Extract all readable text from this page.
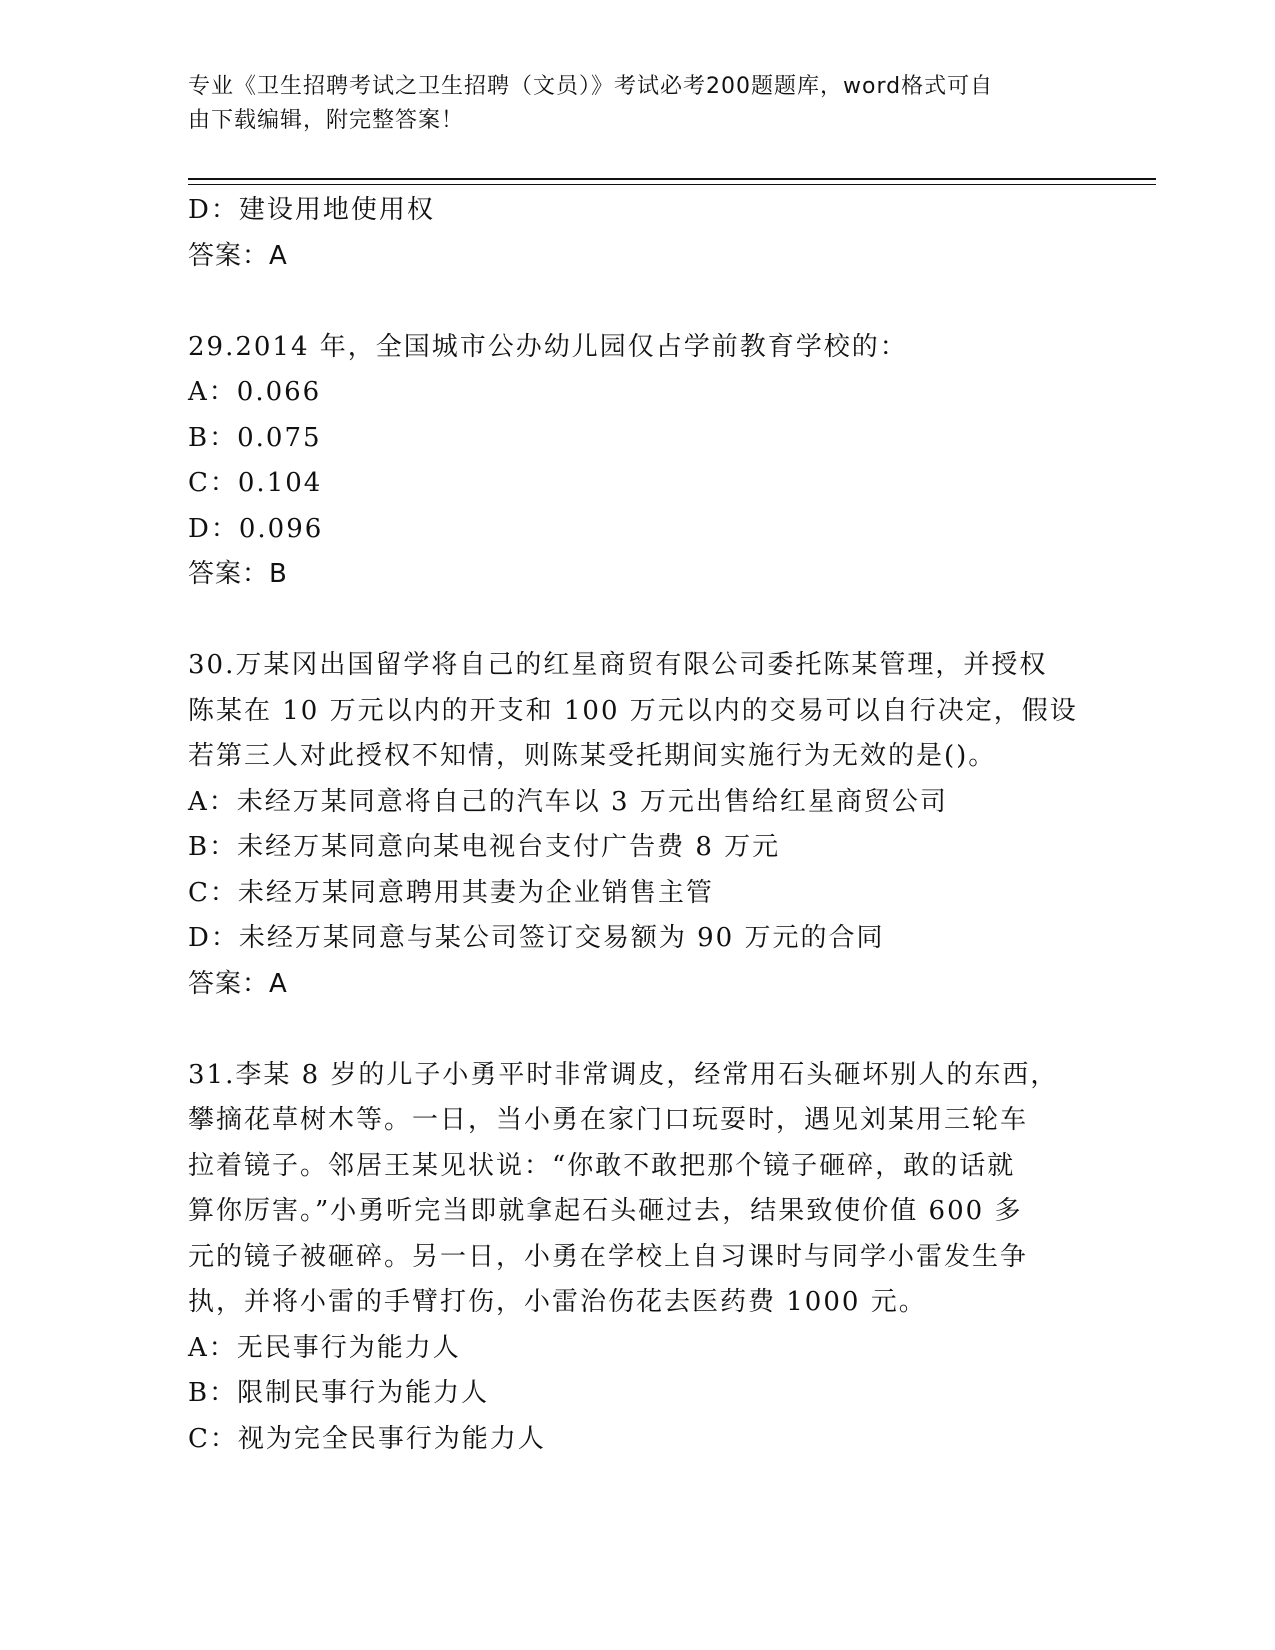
专业《卫生招聘考试之卫生招聘（文员）》考试必考200题题库，word格式可自
由下载编辑，附完整答案！
D：建设用地使用权
答案：A
29.2014 年，全国城市公办幼儿园仅占学前教育学校的：
A：0.066
B：0.075
C：0.104
D：0.096
答案：B
30.万某冈出国留学将自己的红星商贸有限公司委托陈某管理，并授权
陈某在 10 万元以内的开支和 100 万元以内的交易可以自行决定，假设
若第三人对此授权不知情，则陈某受托期间实施行为无效的是()。
A：未经万某同意将自己的汽车以 3 万元出售给红星商贸公司
B：未经万某同意向某电视台支付广告费 8 万元
C：未经万某同意聘用其妻为企业销售主管
D：未经万某同意与某公司签订交易额为 90 万元的合同
答案：A
31.李某 8 岁的儿子小勇平时非常调皮，经常用石头砸坏别人的东西，
攀摘花草树木等。一日，当小勇在家门口玩耍时，遇见刘某用三轮车
拉着镜子。邻居王某见状说：“你敢不敢把那个镜子砸碎，敢的话就
算你厉害。”小勇听完当即就拿起石头砸过去，结果致使价值 600 多
元的镜子被砸碎。另一日，小勇在学校上自习课时与同学小雷发生争
执，并将小雷的手臂打伤，小雷治伤花去医药费 1000 元。
A：无民事行为能力人
B：限制民事行为能力人
C：视为完全民事行为能力人
